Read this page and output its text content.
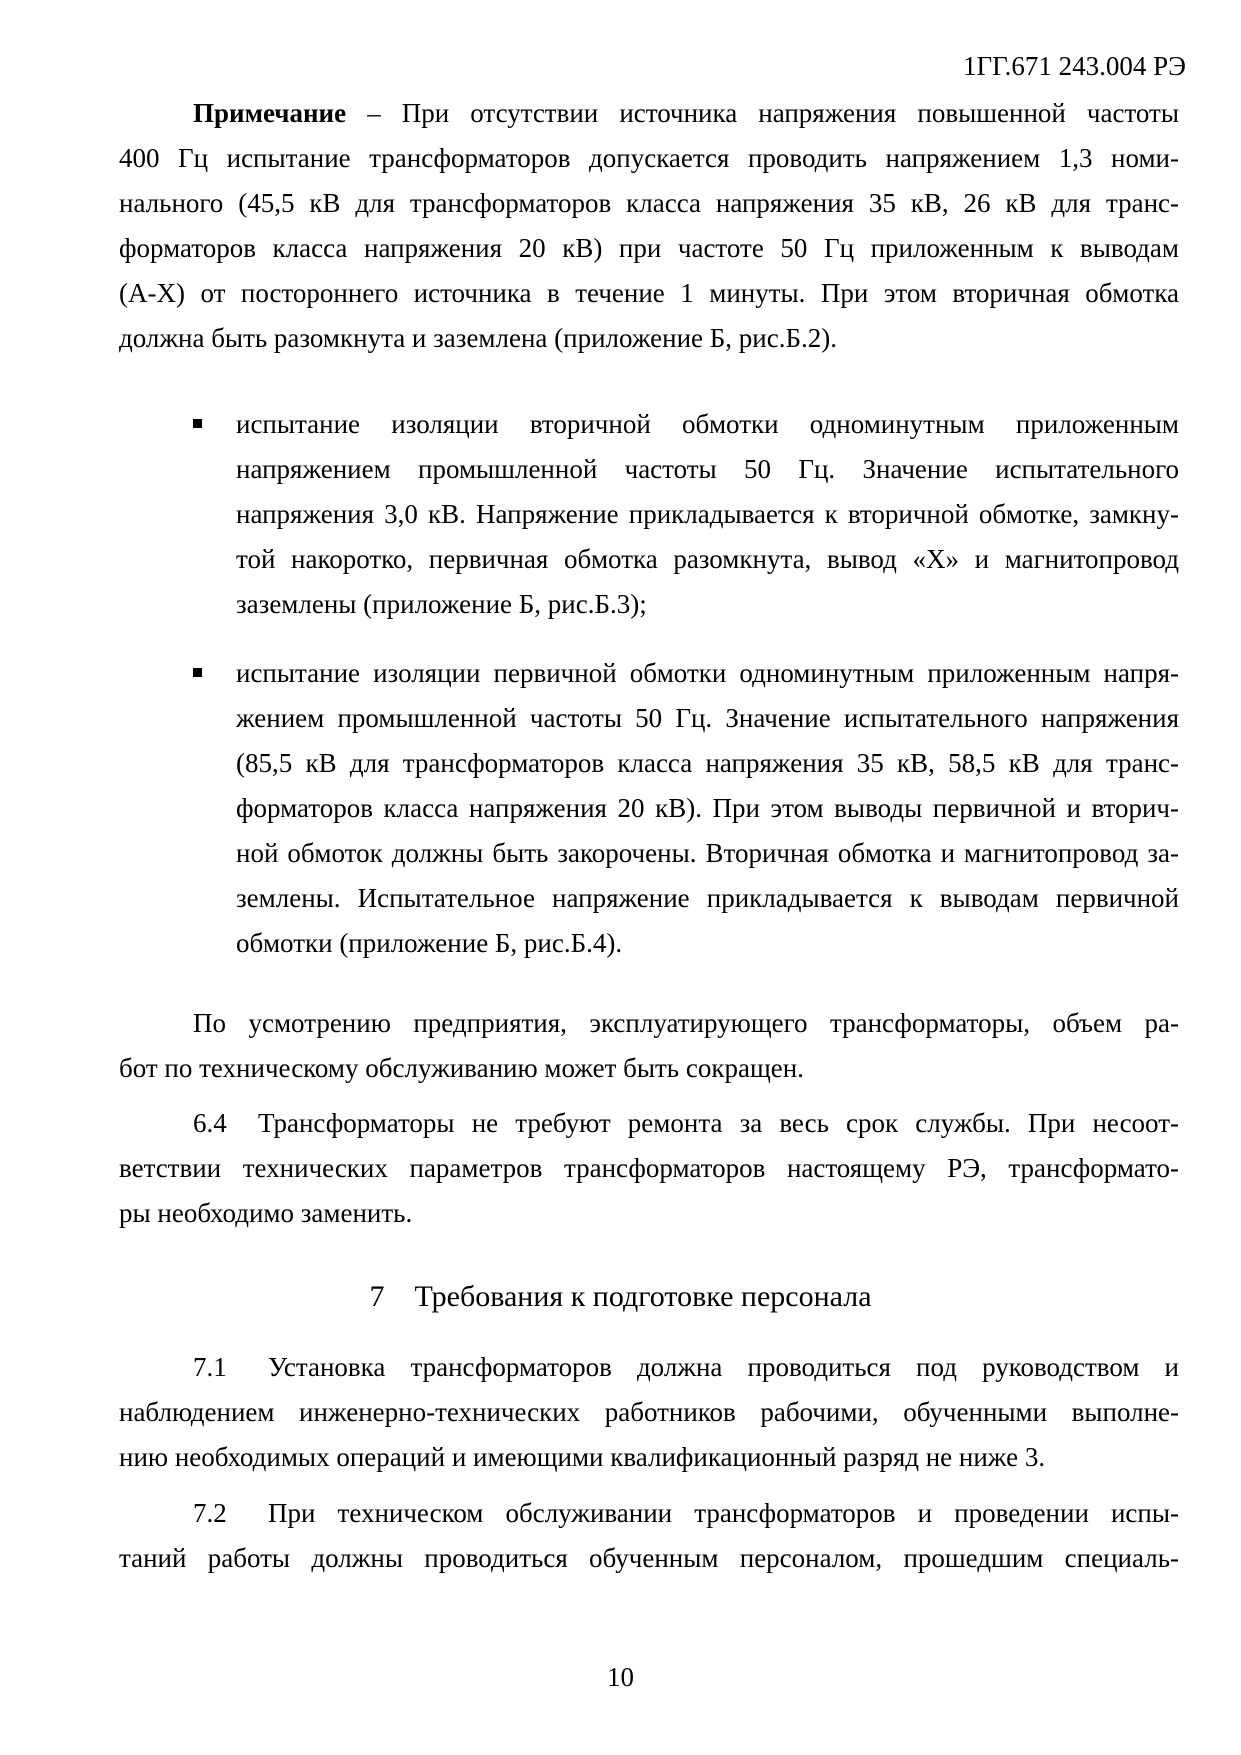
1ГГ.671 243.004 РЭ
Примечание – При отсутствии источника напряжения повышенной частоты
400 Гц испытание трансформаторов допускается проводить напряжением 1,3 номи-
нального (45,5 кВ для трансформаторов класса напряжения 35 кВ, 26 кВ для транс-
форматоров класса напряжения 20 кВ) при частоте 50 Гц приложенным к выводам
(А-Х) от постороннего источника в течение 1 минуты. При этом вторичная обмотка
должна быть разомкнута и заземлена (приложение Б, рис.Б.2).
испытание изоляции вторичной обмотки одноминутным приложенным
напряжением промышленной частоты 50 Гц. Значение испытательного
напряжения 3,0 кВ. Напряжение прикладывается к вторичной обмотке, замкну-
той накоротко, первичная обмотка разомкнута, вывод «Х» и магнитопровод
заземлены (приложение Б, рис.Б.3);
испытание изоляции первичной обмотки одноминутным приложенным напря-
жением промышленной частоты 50 Гц. Значение испытательного напряжения
(85,5 кВ для трансформаторов класса напряжения 35 кВ, 58,5 кВ для транс-
форматоров класса напряжения 20 кВ). При этом выводы первичной и вторич-
ной обмоток должны быть закорочены. Вторичная обмотка и магнитопровод за-
землены. Испытательное напряжение прикладывается к выводам первичной
обмотки (приложение Б, рис.Б.4).
По усмотрению предприятия, эксплуатирующего трансформаторы, объем ра-
бот по техническому обслуживанию может быть сокращен.
6.4 Трансформаторы не требуют ремонта за весь срок службы. При несоот-
ветствии технических параметров трансформаторов настоящему РЭ, трансформато-
ры необходимо заменить.
7 Требования к подготовке персонала
7.1 Установка трансформаторов должна проводиться под руководством и
наблюдением инженерно-технических работников рабочими, обученными выполне-
нию необходимых операций и имеющими квалификационный разряд не ниже 3.
7.2 При техническом обслуживании трансформаторов и проведении испы-
таний работы должны проводиться обученным персоналом, прошедшим специаль-
10
